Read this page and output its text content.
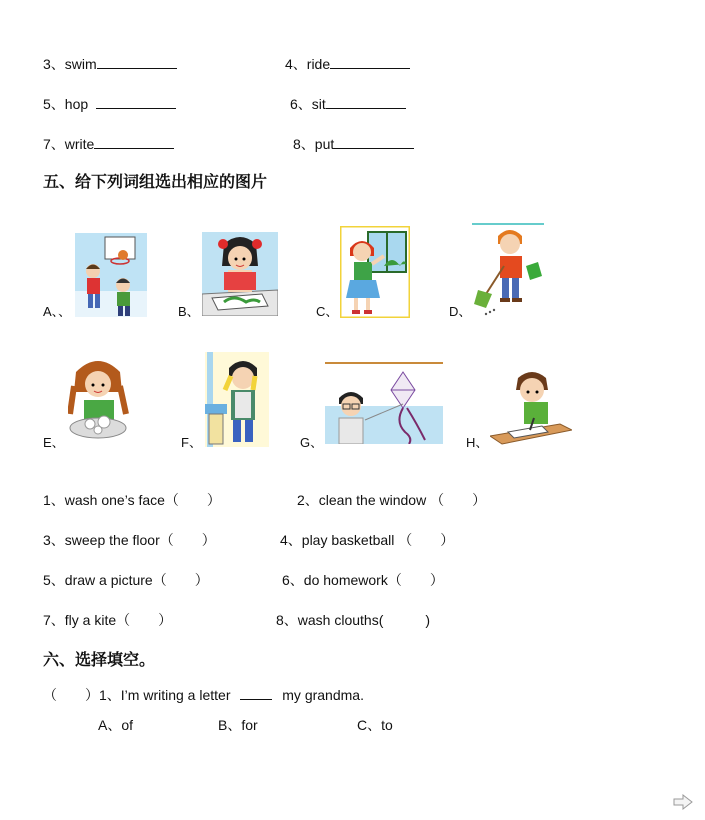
3、swim	4、ride
5、hop	6、sit
7、write	8、put
五、给下列词组选出相应的图片
A、、	B、	C、	D、
E、	F、	G、	H、
1、wash one’s face（　　）	2、clean the window （　　）
3、sweep the floor（　　）	4、play basketball （　　）
5、draw a picture（　　）	6、do homework（　　）
7、fly a kite（　　）	8、wash clouths(　　　)
六、选择填空。
（　　）1、I’m writing a letter	my grandma.
A、of	B、for	C、to
